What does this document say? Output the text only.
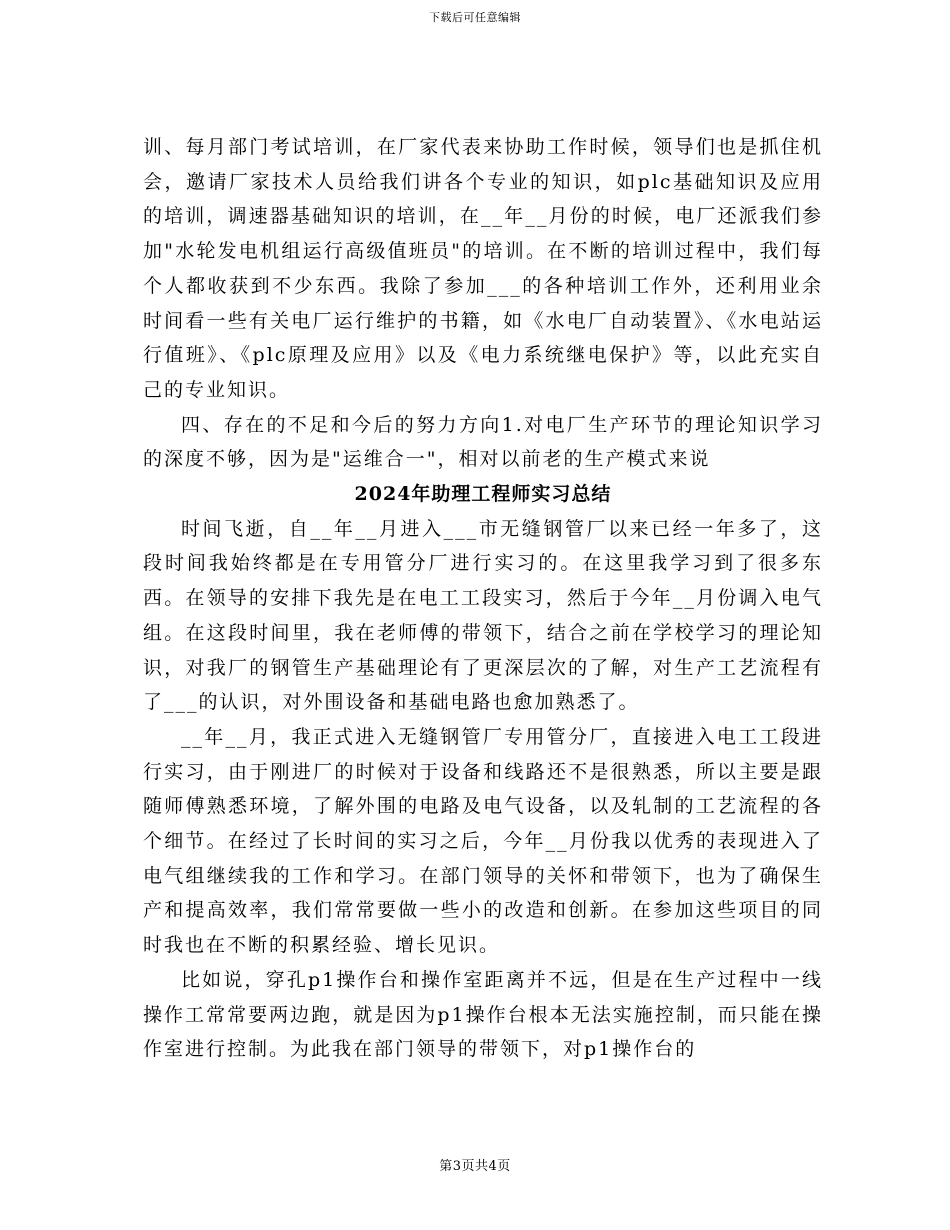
下载后可任意编辑

训、每月部门考试培训，在厂家代表来协助工作时候，领导们也是抓住机会，邀请厂家技术人员给我们讲各个专业的知识，如plc基础知识及应用的培训，调速器基础知识的培训，在__年__月份的时候，电厂还派我们参加"水轮发电机组运行高级值班员"的培训。在不断的培训过程中，我们每个人都收获到不少东西。我除了参加___的各种培训工作外，还利用业余时间看一些有关电厂运行维护的书籍，如《水电厂自动装置》、《水电站运行值班》、《plc原理及应用》以及《电力系统继电保护》等，以此充实自己的专业知识。

四、存在的不足和今后的努力方向1.对电厂生产环节的理论知识学习的深度不够，因为是"运维合一"，相对以前老的生产模式来说

2024年助理工程师实习总结

时间飞逝，自__年__月进入___市无缝钢管厂以来已经一年多了，这段时间我始终都是在专用管分厂进行实习的。在这里我学习到了很多东西。在领导的安排下我先是在电工工段实习，然后于今年__月份调入电气组。在这段时间里，我在老师傅的带领下，结合之前在学校学习的理论知识，对我厂的钢管生产基础理论有了更深层次的了解，对生产工艺流程有了___的认识，对外围设备和基础电路也愈加熟悉了。

__年__月，我正式进入无缝钢管厂专用管分厂，直接进入电工工段进行实习，由于刚进厂的时候对于设备和线路还不是很熟悉，所以主要是跟随师傅熟悉环境，了解外围的电路及电气设备，以及轧制的工艺流程的各个细节。在经过了长时间的实习之后，今年__月份我以优秀的表现进入了电气组继续我的工作和学习。在部门领导的关怀和带领下，也为了确保生产和提高效率，我们常常要做一些小的改造和创新。在参加这些项目的同时我也在不断的积累经验、增长见识。

比如说，穿孔p1操作台和操作室距离并不远，但是在生产过程中一线操作工常常要两边跑，就是因为p1操作台根本无法实施控制，而只能在操作室进行控制。为此我在部门领导的带领下，对p1操作台的

第3页共4页
